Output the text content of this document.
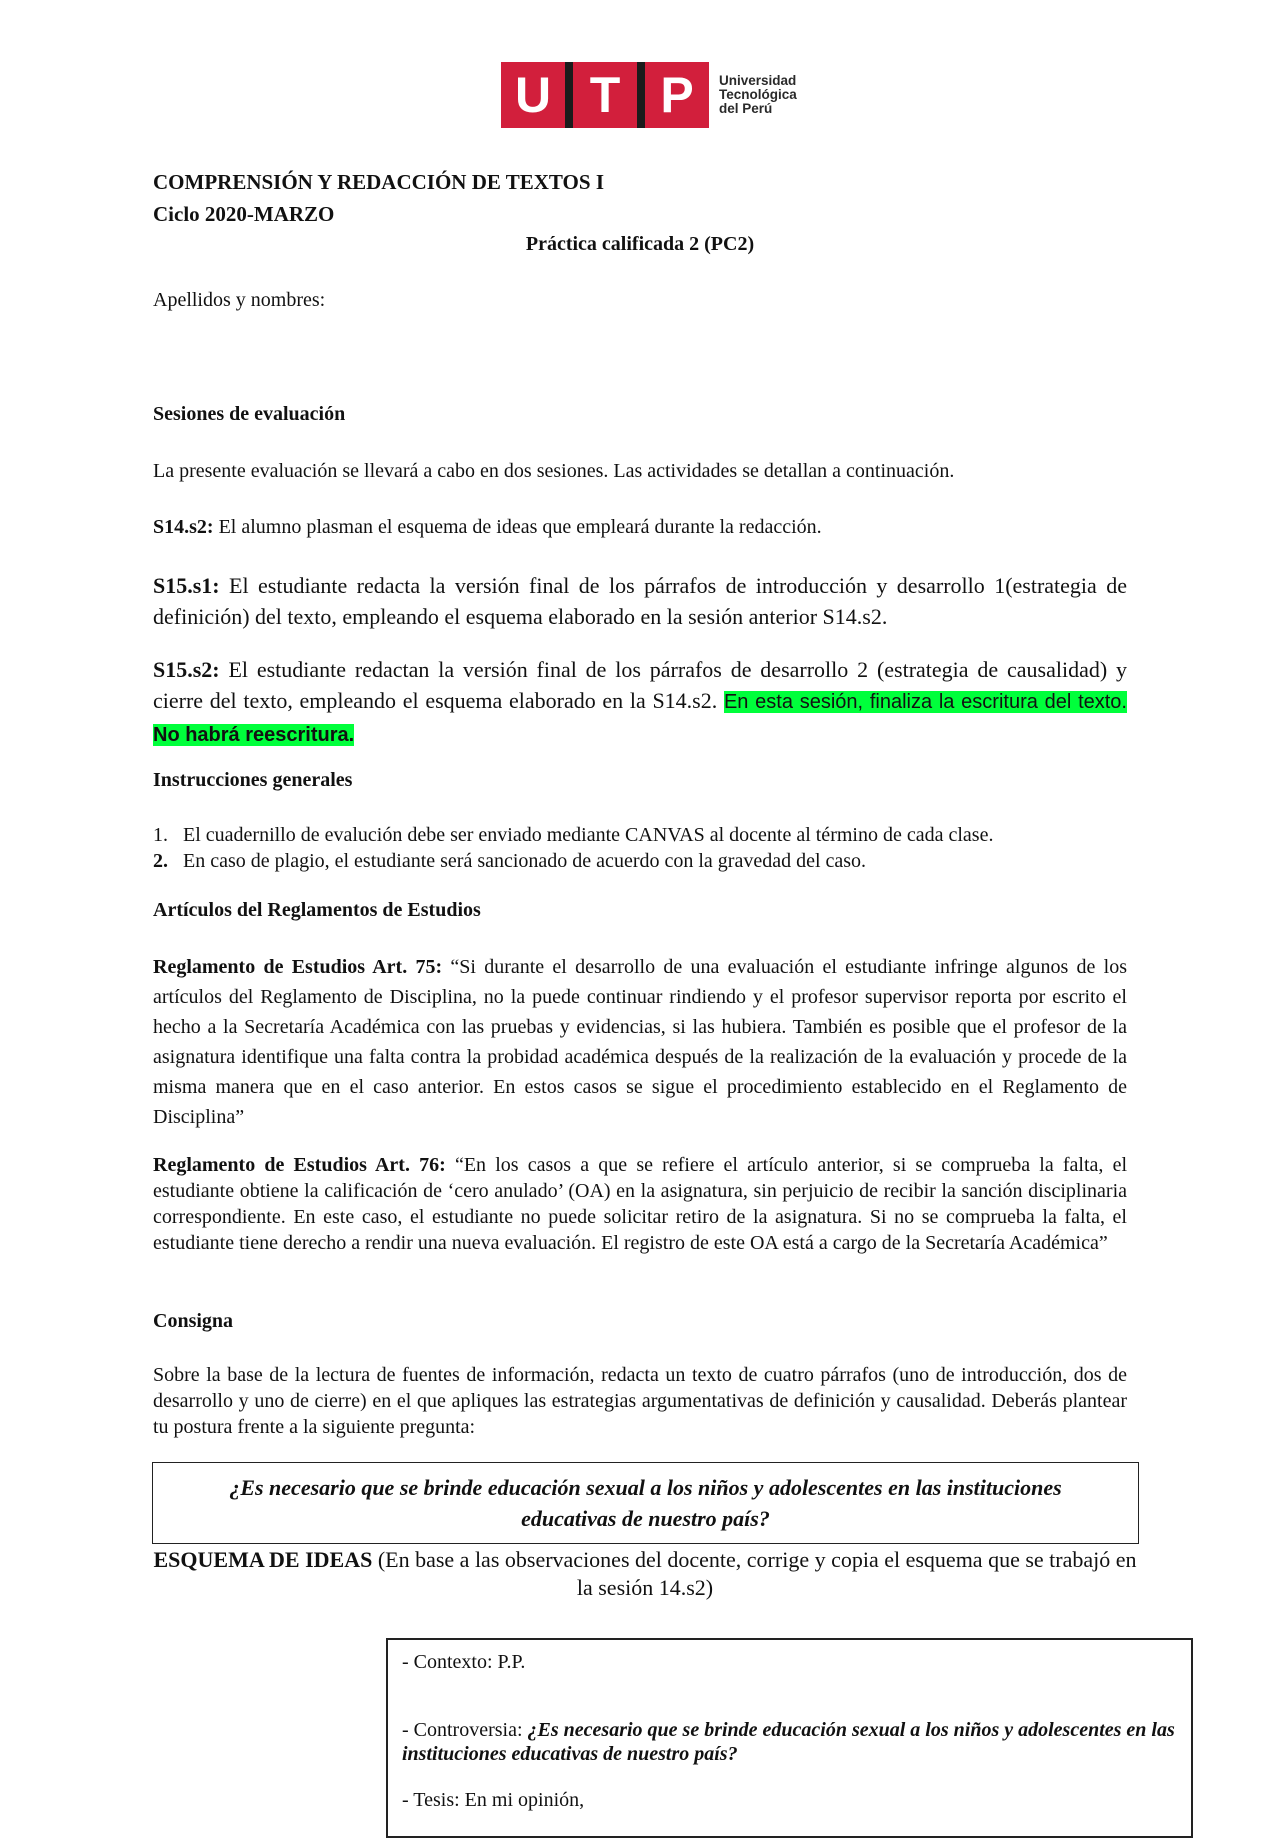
U T P	Universidad
Tecnológica
del Perú
COMPRENSIÓN Y REDACCIÓN DE TEXTOS I
Ciclo 2020-MARZO
Práctica calificada 2 (PC2)
Apellidos y nombres:
Sesiones de evaluación
La presente evaluación se llevará a cabo en dos sesiones. Las actividades se detallan a continuación.
S14.s2: El alumno plasman el esquema de ideas que empleará durante la redacción.
S15.s1: El estudiante redacta la versión final de los párrafos de introducción y desarrollo 1(estrategia de definición) del texto, empleando el esquema elaborado en la sesión anterior S14.s2.
S15.s2: El estudiante redactan la versión final de los párrafos de desarrollo 2 (estrategia de causalidad) y cierre del texto, empleando el esquema elaborado en la S14.s2. En esta sesión, finaliza la escritura del texto. No habrá reescritura.
Instrucciones generales
1. El cuadernillo de evalución debe ser enviado mediante CANVAS al docente al término de cada clase.
2. En caso de plagio, el estudiante será sancionado de acuerdo con la gravedad del caso.
Artículos del Reglamentos de Estudios
Reglamento de Estudios Art. 75: “Si durante el desarrollo de una evaluación el estudiante infringe algunos de los artículos del Reglamento de Disciplina, no la puede continuar rindiendo y el profesor supervisor reporta por escrito el hecho a la Secretaría Académica con las pruebas y evidencias, si las hubiera. También es posible que el profesor de la asignatura identifique una falta contra la probidad académica después de la realización de la evaluación y procede de la misma manera que en el caso anterior. En estos casos se sigue el procedimiento establecido en el Reglamento de Disciplina”
Reglamento de Estudios Art. 76: “En los casos a que se refiere el artículo anterior, si se comprueba la falta, el estudiante obtiene la calificación de ‘cero anulado’ (OA) en la asignatura, sin perjuicio de recibir la sanción disciplinaria correspondiente. En este caso, el estudiante no puede solicitar retiro de la asignatura. Si no se comprueba la falta, el estudiante tiene derecho a rendir una nueva evaluación. El registro de este OA está a cargo de la Secretaría Académica”
Consigna
Sobre la base de la lectura de fuentes de información, redacta un texto de cuatro párrafos (uno de introducción, dos de desarrollo y uno de cierre) en el que apliques las estrategias argumentativas de definición y causalidad. Deberás plantear tu postura frente a la siguiente pregunta:
¿Es necesario que se brinde educación sexual a los niños y adolescentes en las instituciones educativas de nuestro país?
ESQUEMA DE IDEAS (En base a las observaciones del docente, corrige y copia el esquema que se trabajó en la sesión 14.s2)
- Contexto: P.P.
- Controversia: ¿Es necesario que se brinde educación sexual a los niños y adolescentes en las instituciones educativas de nuestro país?
- Tesis: En mi opinión,
